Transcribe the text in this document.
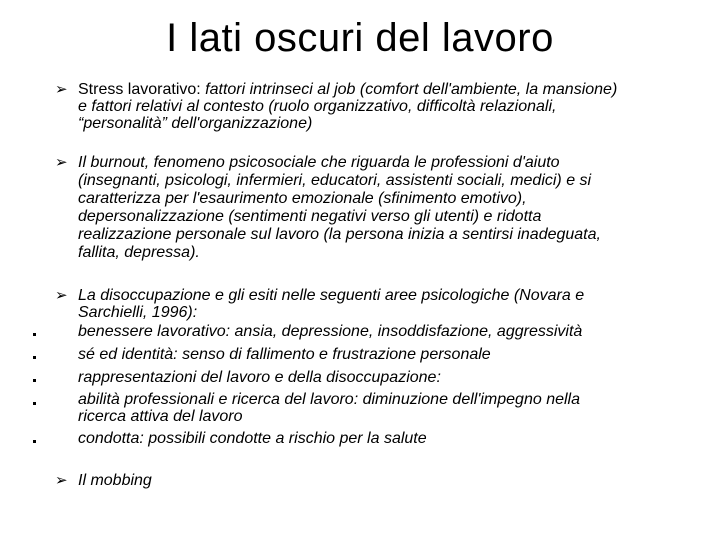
I lati oscuri del lavoro
➢ Stress lavorativo: fattori intrinseci al job (comfort dell'ambiente, la mansione)
e fattori relativi al contesto (ruolo organizzativo, difficoltà relazionali,
“personalità” dell'organizzazione)
➢ Il burnout, fenomeno psicosociale che riguarda le professioni d'aiuto
(insegnanti, psicologi, infermieri, educatori, assistenti sociali, medici) e si
caratterizza per l'esaurimento emozionale (sfinimento emotivo),
depersonalizzazione (sentimenti negativi verso gli utenti) e ridotta
realizzazione personale sul lavoro (la persona inizia a sentirsi inadeguata,
fallita, depressa).
➢ La disoccupazione e gli esiti nelle seguenti aree psicologiche (Novara e
Sarchielli, 1996):
benessere lavorativo: ansia, depressione, insoddisfazione, aggressività
sé ed identità: senso di fallimento e frustrazione personale
rappresentazioni del lavoro e della disoccupazione:
abilità professionali e ricerca del lavoro: diminuzione dell'impegno nella
ricerca attiva del lavoro
condotta: possibili condotte a rischio per la salute
➢ Il mobbing
